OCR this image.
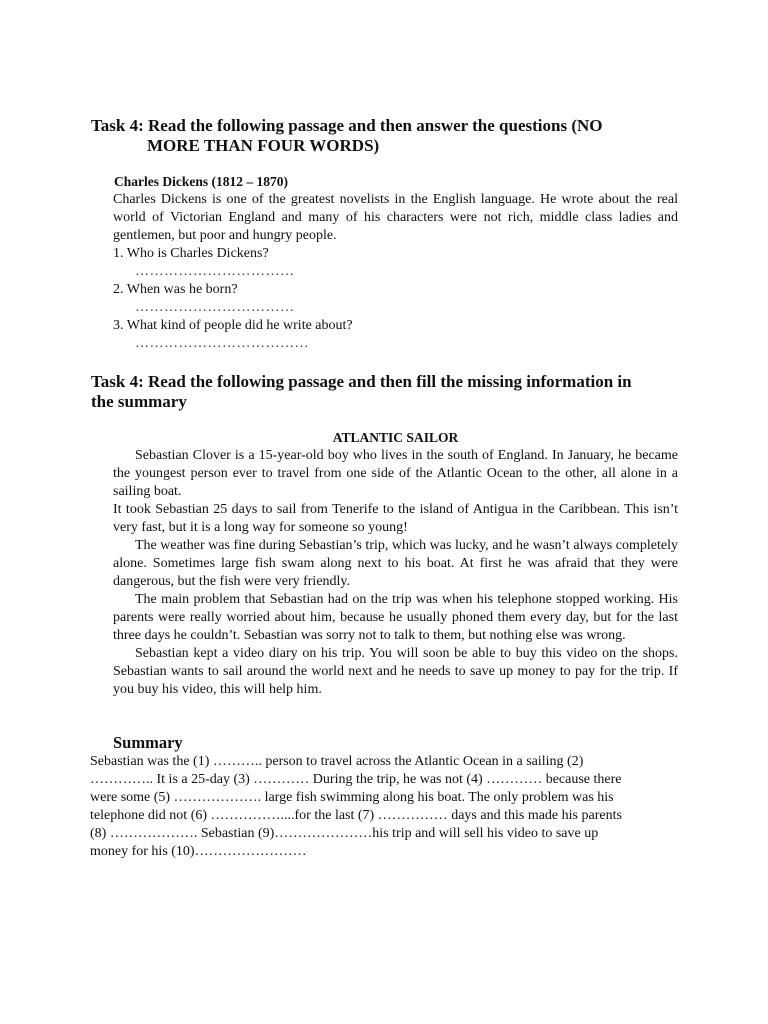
Task 4: Read the following passage and then answer the questions (NO
MORE THAN FOUR WORDS)
Charles Dickens (1812 – 1870)

Charles Dickens is one of the greatest novelists in the English language. He wrote about the real world of Victorian England and many of his characters were not rich, middle class ladies and gentlemen, but poor and hungry people.

1. Who is Charles Dickens?
……………………………
2. When was he born?
……………………………
3. What kind of people did he write about?
………………………………
Task 4: Read the following passage and then fill the missing information in
the summary
ATLANTIC SAILOR

Sebastian Clover is a 15-year-old boy who lives in the south of England. In January, he became the youngest person ever to travel from one side of the Atlantic Ocean to the other, all alone in a sailing boat.

It took Sebastian 25 days to sail from Tenerife to the island of Antigua in the Caribbean. This isn’t very fast, but it is a long way for someone so young!

The weather was fine during Sebastian’s trip, which was lucky, and he wasn’t always completely alone. Sometimes large fish swam along next to his boat. At first he was afraid that they were dangerous, but the fish were very friendly.

The main problem that Sebastian had on the trip was when his telephone stopped working. His parents were really worried about him, because he usually phoned them every day, but for the last three days he couldn’t. Sebastian was sorry not to talk to them, but nothing else was wrong.

Sebastian kept a video diary on his trip. You will soon be able to buy this video on the shops. Sebastian wants to sail around the world next and he needs to save up money to pay for the trip. If you buy his video, this will help him.

Summary
Sebastian was the (1) ……….. person to travel across the Atlantic Ocean in a sailing (2)
………….. It is a 25-day (3) ………… During the trip, he was not (4) ………… because there
were some (5) ………………. large fish swimming along his boat. The only problem was his
telephone did not (6) ……………....for the last (7) …………… days and this made his parents
(8) ………………. Sebastian (9)…………………his trip and will sell his video to save up
money for his (10)……………………
